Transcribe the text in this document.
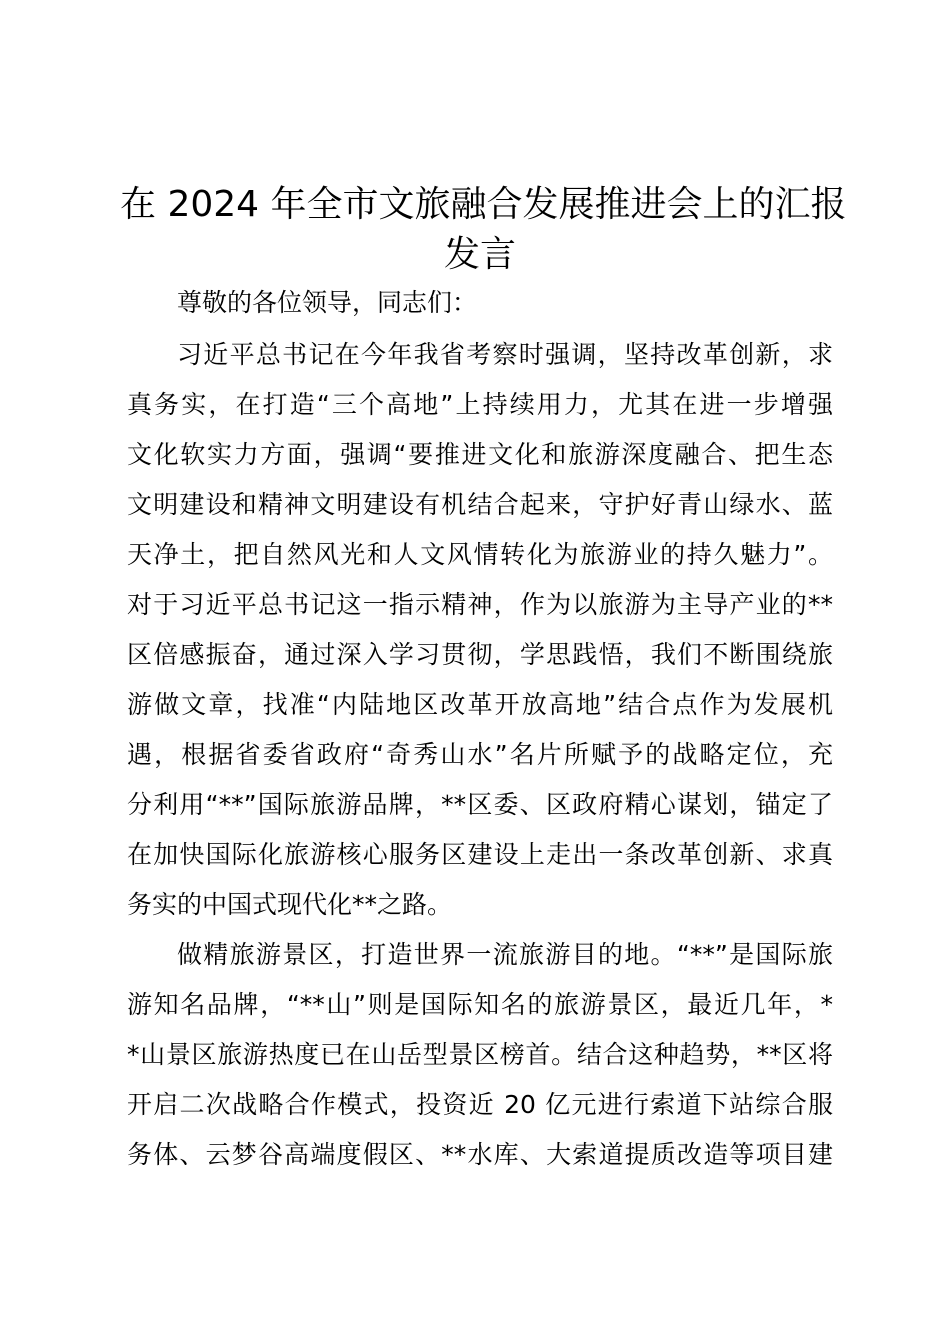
在 2024 年全市文旅融合发展推进会上的汇报
发言

尊敬的各位领导，同志们：

习近平总书记在今年我省考察时强调，坚持改革创新，求

真务实，在打造“三个高地”上持续用力，尤其在进一步增强

文化软实力方面，强调“要推进文化和旅游深度融合、把生态

文明建设和精神文明建设有机结合起来，守护好青山绿水、蓝

天净土，把自然风光和人文风情转化为旅游业的持久魅力”。

对于习近平总书记这一指示精神，作为以旅游为主导产业的**

区倍感振奋，通过深入学习贯彻，学思践悟，我们不断围绕旅

游做文章，找准“内陆地区改革开放高地”结合点作为发展机

遇，根据省委省政府“奇秀山水”名片所赋予的战略定位，充

分利用“**”国际旅游品牌，**区委、区政府精心谋划，锚定了

在加快国际化旅游核心服务区建设上走出一条改革创新、求真

务实的中国式现代化**之路。

做精旅游景区，打造世界一流旅游目的地。“**”是国际旅

游知名品牌，“**山”则是国际知名的旅游景区，最近几年，*

*山景区旅游热度已在山岳型景区榜首。结合这种趋势，**区将

开启二次战略合作模式，投资近 20 亿元进行索道下站综合服

务体、云梦谷高端度假区、**水库、大索道提质改造等项目建
